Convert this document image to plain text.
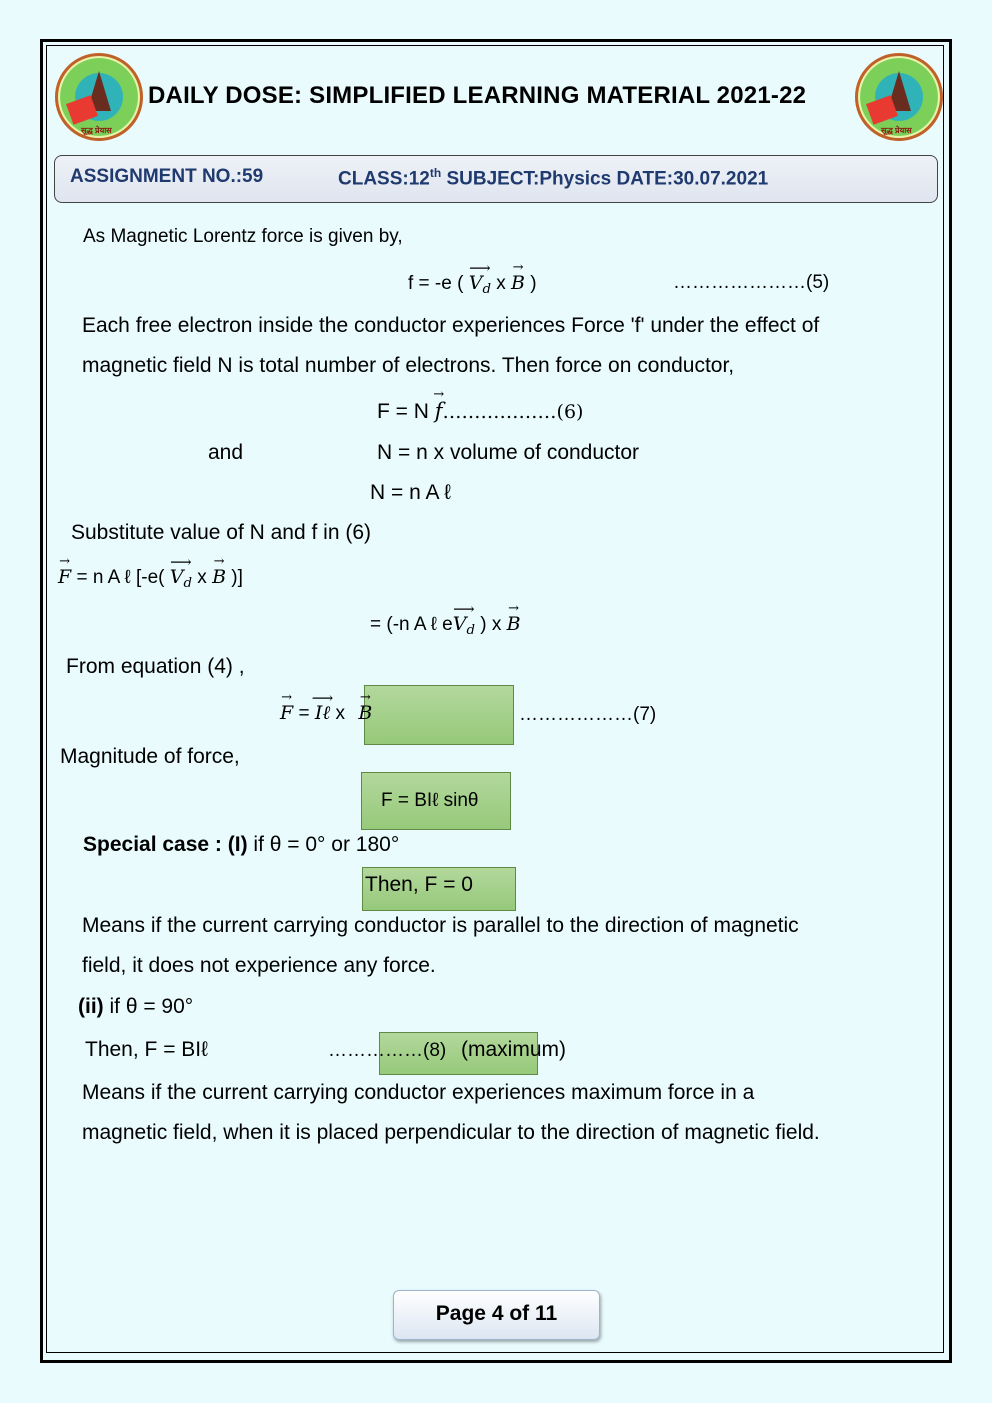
सूद्ध प्रेयास	सूद्ध प्रेयास
DAILY DOSE: SIMPLIFIED LEARNING MATERIAL 2021-22
ASSIGNMENT NO.:59	CLASS:12th SUBJECT:Physics DATE:30.07.2021
As Magnetic Lorentz force is given by,
f = -e ( ⟶ $V_d$ x → B )	…………………(5)
Each free electron inside the conductor experiences Force 'f' under the effect of
magnetic field N is total number of electrons. Then force on conductor,
F = N → f………………(6)
and	N = n x volume of conductor
N = n A ℓ
Substitute value of N and f in (6)
→ F = n A ℓ [-e( ⟶ $V_d$ x → B )]
= (-n A ℓ e⟶ $V_d$ ) x → B
From equation (4) ,
→ F = ⟶ Iℓ x → B	………………(7)
Magnitude of force,
F = BIℓ sinθ
Special case : (I) if θ = 0° or 180°
Then, F = 0
Means if the current carrying conductor is parallel to the direction of magnetic
field, it does not experience any force.
(ii) if θ = 90°
Then, F = BIℓ	……………(8) (maximum)
Means if the current carrying conductor experiences maximum force in a
magnetic field, when it is placed perpendicular to the direction of magnetic field.
Page 4 of 11
